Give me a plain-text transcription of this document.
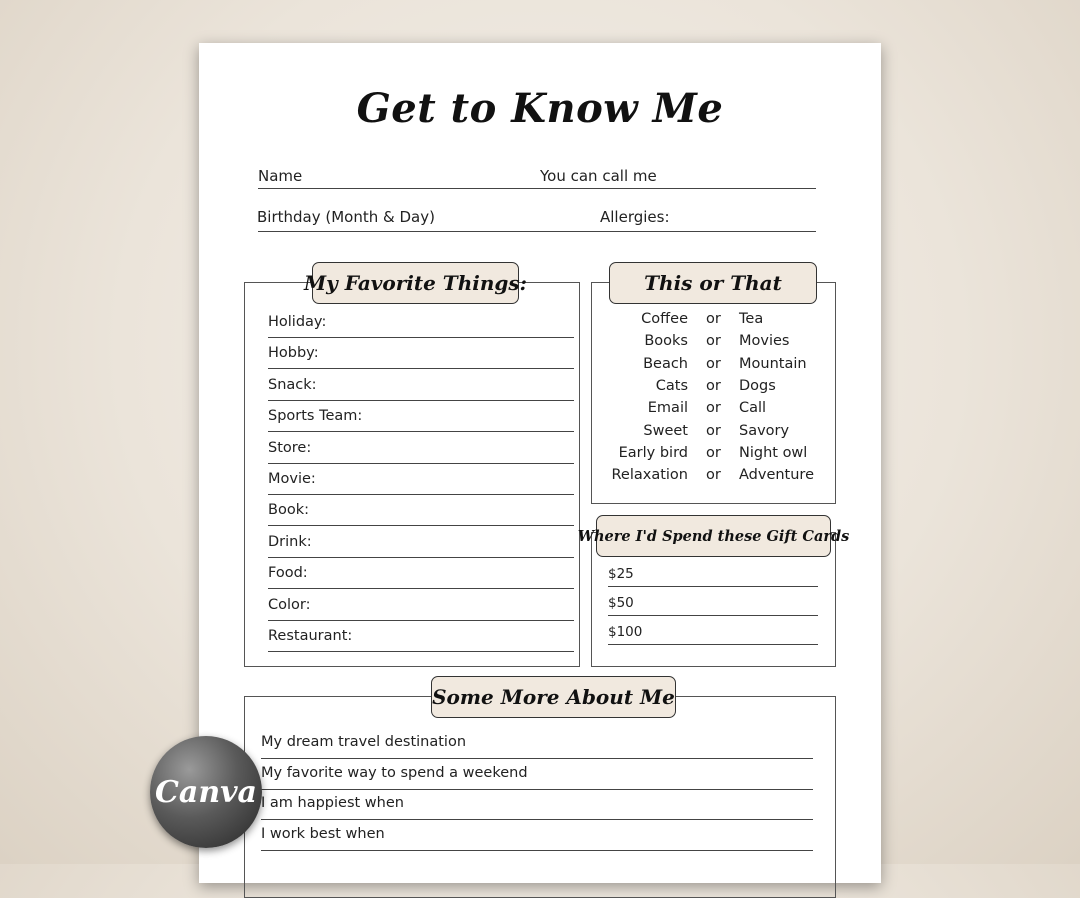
Get to Know Me
Name	You can call me
Birthday (Month & Day)	Allergies:
Holiday:
Hobby:
Snack:
Sports Team:
Store:
Movie:
Book:
Drink:
Food:
Color:
Restaurant:
My Favorite Things:
Coffee or Tea
Books or Movies
Beach or Mountain
Cats or Dogs
Email or Call
Sweet or Savory
Early bird or Night owl
Relaxation or Adventure
This or That
$25
$50
$100
Where I'd Spend these Gift Cards
My dream travel destination
My favorite way to spend a weekend
I am happiest when
I work best when
Some More About Me
Canva
